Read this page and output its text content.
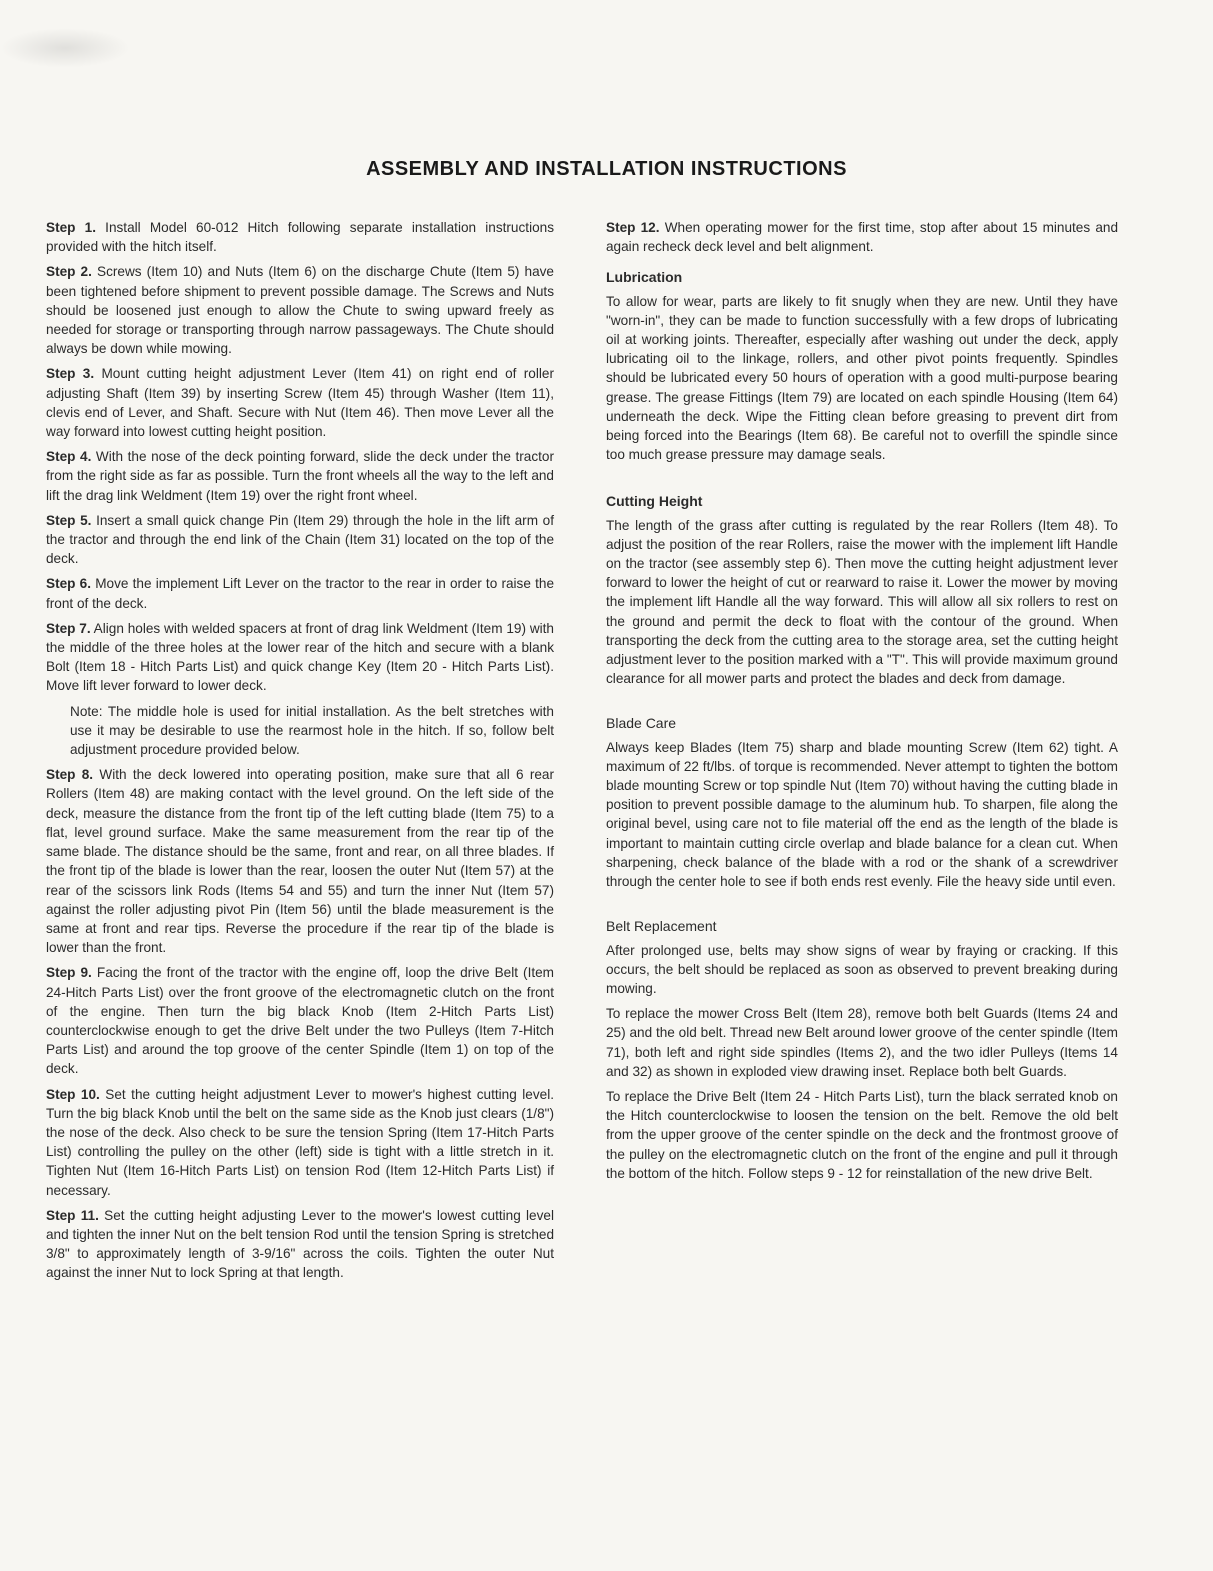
ASSEMBLY AND INSTALLATION INSTRUCTIONS

Step 1. Install Model 60-012 Hitch following separate installation instructions provided with the hitch itself.

Step 2. Screws (Item 10) and Nuts (Item 6) on the discharge Chute (Item 5) have been tightened before shipment to prevent possible damage. The Screws and Nuts should be loosened just enough to allow the Chute to swing upward freely as needed for storage or transporting through narrow passageways. The Chute should always be down while mowing.

Step 3. Mount cutting height adjustment Lever (Item 41) on right end of roller adjusting Shaft (Item 39) by inserting Screw (Item 45) through Washer (Item 11), clevis end of Lever, and Shaft. Secure with Nut (Item 46). Then move Lever all the way forward into lowest cutting height position.

Step 4. With the nose of the deck pointing forward, slide the deck under the tractor from the right side as far as possible. Turn the front wheels all the way to the left and lift the drag link Weldment (Item 19) over the right front wheel.

Step 5. Insert a small quick change Pin (Item 29) through the hole in the lift arm of the tractor and through the end link of the Chain (Item 31) located on the top of the deck.

Step 6. Move the implement Lift Lever on the tractor to the rear in order to raise the front of the deck.

Step 7. Align holes with welded spacers at front of drag link Weldment (Item 19) with the middle of the three holes at the lower rear of the hitch and secure with a blank Bolt (Item 18 - Hitch Parts List) and quick change Key (Item 20 - Hitch Parts List). Move lift lever forward to lower deck.

Note: The middle hole is used for initial installation. As the belt stretches with use it may be desirable to use the rearmost hole in the hitch. If so, follow belt adjustment procedure provided below.

Step 8. With the deck lowered into operating position, make sure that all 6 rear Rollers (Item 48) are making contact with the level ground. On the left side of the deck, measure the distance from the front tip of the left cutting blade (Item 75) to a flat, level ground surface. Make the same measurement from the rear tip of the same blade. The distance should be the same, front and rear, on all three blades. If the front tip of the blade is lower than the rear, loosen the outer Nut (Item 57) at the rear of the scissors link Rods (Items 54 and 55) and turn the inner Nut (Item 57) against the roller adjusting pivot Pin (Item 56) until the blade measurement is the same at front and rear tips. Reverse the procedure if the rear tip of the blade is lower than the front.

Step 9. Facing the front of the tractor with the engine off, loop the drive Belt (Item 24-Hitch Parts List) over the front groove of the electromagnetic clutch on the front of the engine. Then turn the big black Knob (Item 2-Hitch Parts List) counterclockwise enough to get the drive Belt under the two Pulleys (Item 7-Hitch Parts List) and around the top groove of the center Spindle (Item 1) on top of the deck.

Step 10. Set the cutting height adjustment Lever to mower's highest cutting level. Turn the big black Knob until the belt on the same side as the Knob just clears (1/8") the nose of the deck. Also check to be sure the tension Spring (Item 17-Hitch Parts List) controlling the pulley on the other (left) side is tight with a little stretch in it. Tighten Nut (Item 16-Hitch Parts List) on tension Rod (Item 12-Hitch Parts List) if necessary.

Step 11. Set the cutting height adjusting Lever to the mower's lowest cutting level and tighten the inner Nut on the belt tension Rod until the tension Spring is stretched 3/8" to approximately length of 3-9/16" across the coils. Tighten the outer Nut against the inner Nut to lock Spring at that length.

Step 12. When operating mower for the first time, stop after about 15 minutes and again recheck deck level and belt alignment.

Lubrication

To allow for wear, parts are likely to fit snugly when they are new. Until they have "worn-in", they can be made to function successfully with a few drops of lubricating oil at working joints. Thereafter, especially after washing out under the deck, apply lubricating oil to the linkage, rollers, and other pivot points frequently. Spindles should be lubricated every 50 hours of operation with a good multi-purpose bearing grease. The grease Fittings (Item 79) are located on each spindle Housing (Item 64) underneath the deck. Wipe the Fitting clean before greasing to prevent dirt from being forced into the Bearings (Item 68). Be careful not to overfill the spindle since too much grease pressure may damage seals.

Cutting Height

The length of the grass after cutting is regulated by the rear Rollers (Item 48). To adjust the position of the rear Rollers, raise the mower with the implement lift Handle on the tractor (see assembly step 6). Then move the cutting height adjustment lever forward to lower the height of cut or rearward to raise it. Lower the mower by moving the implement lift Handle all the way forward. This will allow all six rollers to rest on the ground and permit the deck to float with the contour of the ground. When transporting the deck from the cutting area to the storage area, set the cutting height adjustment lever to the position marked with a "T". This will provide maximum ground clearance for all mower parts and protect the blades and deck from damage.

Blade Care

Always keep Blades (Item 75) sharp and blade mounting Screw (Item 62) tight. A maximum of 22 ft/lbs. of torque is recommended. Never attempt to tighten the bottom blade mounting Screw or top spindle Nut (Item 70) without having the cutting blade in position to prevent possible damage to the aluminum hub. To sharpen, file along the original bevel, using care not to file material off the end as the length of the blade is important to maintain cutting circle overlap and blade balance for a clean cut. When sharpening, check balance of the blade with a rod or the shank of a screwdriver through the center hole to see if both ends rest evenly. File the heavy side until even.

Belt Replacement

After prolonged use, belts may show signs of wear by fraying or cracking. If this occurs, the belt should be replaced as soon as observed to prevent breaking during mowing.

To replace the mower Cross Belt (Item 28), remove both belt Guards (Items 24 and 25) and the old belt. Thread new Belt around lower groove of the center spindle (Item 71), both left and right side spindles (Items 2), and the two idler Pulleys (Items 14 and 32) as shown in exploded view drawing inset. Replace both belt Guards.

To replace the Drive Belt (Item 24 - Hitch Parts List), turn the black serrated knob on the Hitch counterclockwise to loosen the tension on the belt. Remove the old belt from the upper groove of the center spindle on the deck and the frontmost groove of the pulley on the electromagnetic clutch on the front of the engine and pull it through the bottom of the hitch. Follow steps 9 - 12 for reinstallation of the new drive Belt.
